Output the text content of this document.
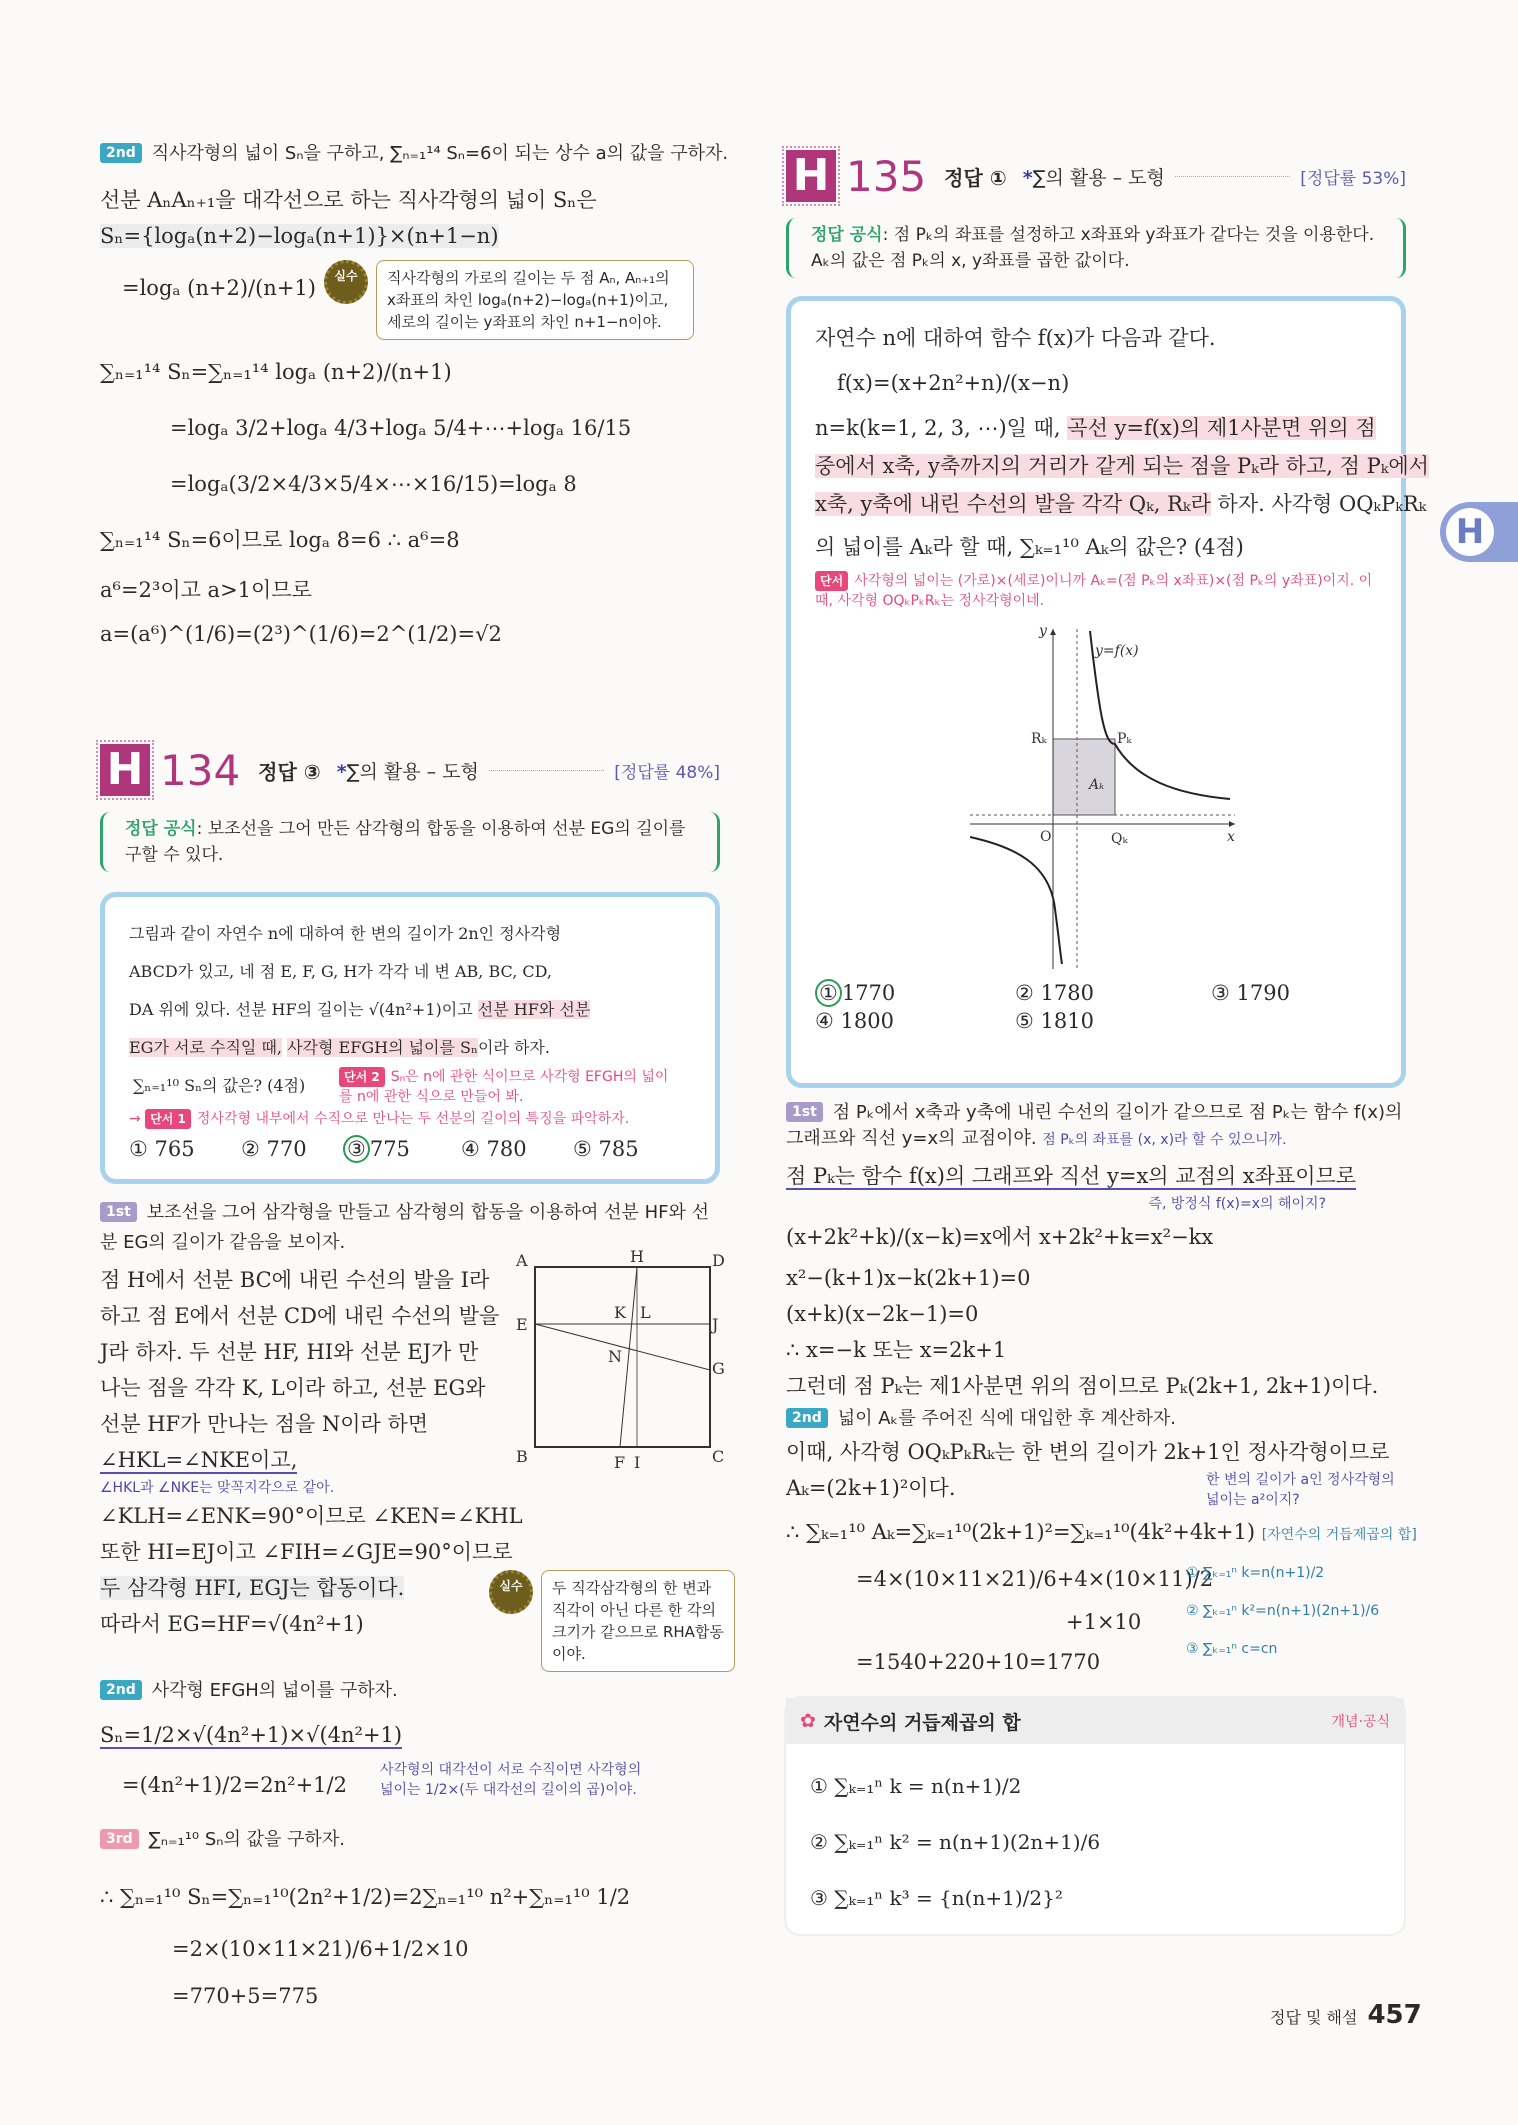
2nd 직사각형의 넓이 Sₙ을 구하고, ∑ₙ₌₁¹⁴ Sₙ=6이 되는 상수 a의 값을 구하자.
선분 AₙAₙ₊₁을 대각선으로 하는 직사각형의 넓이 Sₙ은
Sₙ={logₐ(n+2)−logₐ(n+1)}×(n+1−n)
=logₐ (n+2)/(n+1)	실수	직사각형의 가로의 길이는 두 점 Aₙ, Aₙ₊₁의 x좌표의 차인 logₐ(n+2)−logₐ(n+1)이고, 세로의 길이는 y좌표의 차인 n+1−n이야.
∑ₙ₌₁¹⁴ Sₙ=∑ₙ₌₁¹⁴ logₐ (n+2)/(n+1)
=logₐ 3/2+logₐ 4/3+logₐ 5/4+⋯+logₐ 16/15
=logₐ(3/2×4/3×5/4×⋯×16/15)=logₐ 8
∑ₙ₌₁¹⁴ Sₙ=6이므로 logₐ 8=6 ∴ a⁶=8
a⁶=2³이고 a>1이므로
a=(a⁶)^(1/6)=(2³)^(1/6)=2^(1/2)=√2
H 134 정답 ③ *∑의 활용 – 도형	[정답률 48%]
정답 공식: 보조선을 그어 만든 삼각형의 합동을 이용하여 선분 EG의 길이를 구할 수 있다.
그림과 같이 자연수 n에 대하여 한 변의 길이가 2n인 정사각형
ABCD가 있고, 네 점 E, F, G, H가 각각 네 변 AB, BC, CD,
DA 위에 있다. 선분 HF의 길이는 √(4n²+1)이고 선분 HF와 선분
EG가 서로 수직일 때, 사각형 EFGH의 넓이를 Sₙ이라 하자.
∑ₙ₌₁¹⁰ Sₙ의 값은? (4점)	단서 2 Sₙ은 n에 관한 식이므로 사각형 EFGH의 넓이를 n에 관한 식으로 만들어 봐.
→ 단서 1 정사각형 내부에서 수직으로 만나는 두 선분의 길이의 특징을 파악하자.
① 765	② 770	③ 775	④ 780	⑤ 785
1st 보조선을 그어 삼각형을 만들고 삼각형의 합동을 이용하여 선분 HF와 선분 EG의 길이가 같음을 보이자.
점 H에서 선분 BC에 내린 수선의 발을 I라
하고 점 E에서 선분 CD에 내린 수선의 발을
J라 하자. 두 선분 HF, HI와 선분 EJ가 만
나는 점을 각각 K, L이라 하고, 선분 EG와
선분 HF가 만나는 점을 N이라 하면
∠HKL=∠NKE이고,
∠HKL과 ∠NKE는 맞꼭지각으로 같아.
∠KLH=∠ENK=90°이므로 ∠KEN=∠KHL
또한 HI=EJ이고 ∠FIH=∠GJE=90°이므로
두 삼각형 HFI, EGJ는 합동이다.
따라서 EG=HF=√(4n²+1)
실수	두 직각삼각형의 한 변과 직각이 아닌 다른 한 각의 크기가 같으므로 RHA합동이야.
A	H	D
E
K L
J
N
G
B	F I	C
2nd 사각형 EFGH의 넓이를 구하자.
Sₙ=1/2×√(4n²+1)×√(4n²+1)
=(4n²+1)/2=2n²+1/2
사각형의 대각선이 서로 수직이면 사각형의 넓이는 1/2×(두 대각선의 길이의 곱)이야.
3rd ∑ₙ₌₁¹⁰ Sₙ의 값을 구하자.
∴ ∑ₙ₌₁¹⁰ Sₙ=∑ₙ₌₁¹⁰(2n²+1/2)=2∑ₙ₌₁¹⁰ n²+∑ₙ₌₁¹⁰ 1/2
=2×(10×11×21)/6+1/2×10
=770+5=775
H 135 정답 ① *∑의 활용 – 도형	[정답률 53%]
정답 공식: 점 Pₖ의 좌표를 설정하고 x좌표와 y좌표가 같다는 것을 이용한다. Aₖ의 값은 점 Pₖ의 x, y좌표를 곱한 값이다.
자연수 n에 대하여 함수 f(x)가 다음과 같다.
f(x)=(x+2n²+n)/(x−n)
n=k(k=1, 2, 3, ⋯)일 때, 곡선 y=f(x)의 제1사분면 위의 점
중에서 x축, y축까지의 거리가 같게 되는 점을 Pₖ라 하고, 점 Pₖ에서
x축, y축에 내린 수선의 발을 각각 Qₖ, Rₖ라 하자. 사각형 OQₖPₖRₖ
의 넓이를 Aₖ라 할 때, ∑ₖ₌₁¹⁰ Aₖ의 값은? (4점)
단서 사각형의 넓이는 (가로)×(세로)이니까 Aₖ=(점 Pₖ의 x좌표)×(점 Pₖ의 y좌표)이지. 이때, 사각형 OQₖPₖRₖ는 정사각형이네.
y
x
y=f(x)
Rₖ	Pₖ
Aₖ
O	Qₖ
① 1770	② 1780	③ 1790
④ 1800	⑤ 1810
1st 점 Pₖ에서 x축과 y축에 내린 수선의 길이가 같으므로 점 Pₖ는 함수 f(x)의 그래프와 직선 y=x의 교점이야. 점 Pₖ의 좌표를 (x, x)라 할 수 있으니까.
점 Pₖ는 함수 f(x)의 그래프와 직선 y=x의 교점의 x좌표이므로
즉, 방정식 f(x)=x의 해이지?
(x+2k²+k)/(x−k)=x에서 x+2k²+k=x²−kx
x²−(k+1)x−k(2k+1)=0
(x+k)(x−2k−1)=0
∴ x=−k 또는 x=2k+1
그런데 점 Pₖ는 제1사분면 위의 점이므로 Pₖ(2k+1, 2k+1)이다.
2nd 넓이 Aₖ를 주어진 식에 대입한 후 계산하자.
이때, 사각형 OQₖPₖRₖ는 한 변의 길이가 2k+1인 정사각형이므로
Aₖ=(2k+1)²이다.	한 변의 길이가 a인 정사각형의 넓이는 a²이지?
∴ ∑ₖ₌₁¹⁰ Aₖ=∑ₖ₌₁¹⁰(2k+1)²=∑ₖ₌₁¹⁰(4k²+4k+1) [자연수의 거듭제곱의 합]
=4×(10×11×21)/6+4×(10×11)/2
+1×10
=1540+220+10=1770
① ∑ₖ₌₁ⁿ k=n(n+1)/2
② ∑ₖ₌₁ⁿ k²=n(n+1)(2n+1)/6
③ ∑ₖ₌₁ⁿ c=cn
✿ 자연수의 거듭제곱의 합	개념·공식
① ∑ₖ₌₁ⁿ k = n(n+1)/2
② ∑ₖ₌₁ⁿ k² = n(n+1)(2n+1)/6
③ ∑ₖ₌₁ⁿ k³ = {n(n+1)/2}²
H
정답 및 해설 457
